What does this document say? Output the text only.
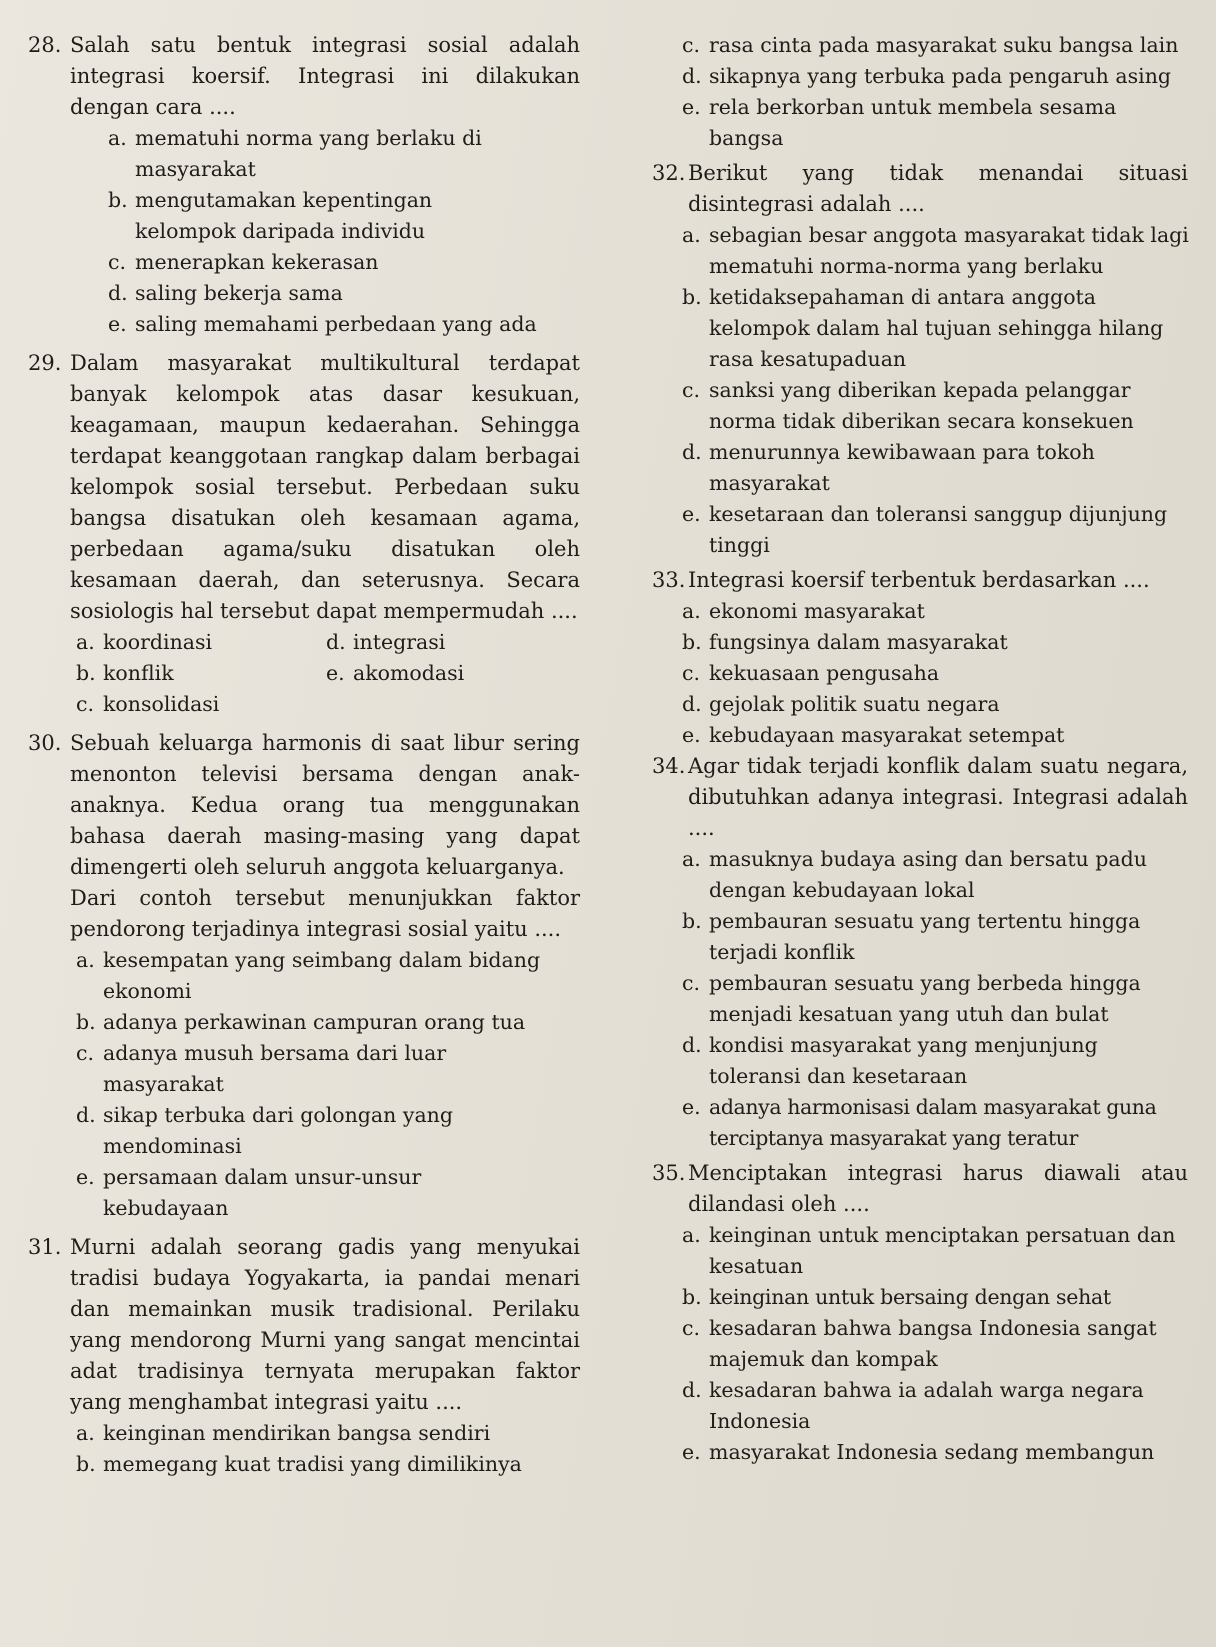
28. Salah satu bentuk integrasi sosial adalah integrasi koersif. Integrasi ini dilakukan dengan cara ....
a. mematuhi norma yang berlaku di masyarakat
b. mengutamakan kepentingan kelompok daripada individu
c. menerapkan kekerasan
d. saling bekerja sama
e. saling memahami perbedaan yang ada
29. Dalam masyarakat multikultural terdapat banyak kelompok atas dasar kesukuan, keagamaan, maupun kedaerahan. Sehingga terdapat keanggotaan rangkap dalam berbagai kelompok sosial tersebut. Perbedaan suku bangsa disatukan oleh kesamaan agama, perbedaan agama/suku disatukan oleh kesamaan daerah, dan seterusnya. Secara sosiologis hal tersebut dapat mempermudah ....
a. koordinasi	d. integrasi
b. konflik	e. akomodasi
c. konsolidasi
30. Sebuah keluarga harmonis di saat libur sering menonton televisi bersama dengan anak-anaknya. Kedua orang tua menggunakan bahasa daerah masing-masing yang dapat dimengerti oleh seluruh anggota keluarganya.
Dari contoh tersebut menunjukkan faktor pendorong terjadinya integrasi sosial yaitu ....
a. kesempatan yang seimbang dalam bidang ekonomi
b. adanya perkawinan campuran orang tua
c. adanya musuh bersama dari luar masyarakat
d. sikap terbuka dari golongan yang mendominasi
e. persamaan dalam unsur-unsur kebudayaan
31. Murni adalah seorang gadis yang menyukai tradisi budaya Yogyakarta, ia pandai menari dan memainkan musik tradisional. Perilaku yang mendorong Murni yang sangat mencintai adat tradisinya ternyata merupakan faktor yang menghambat integrasi yaitu ....
a. keinginan mendirikan bangsa sendiri
b. memegang kuat tradisi yang dimilikinya
c. rasa cinta pada masyarakat suku bangsa lain
d. sikapnya yang terbuka pada pengaruh asing
e. rela berkorban untuk membela sesama bangsa
32. Berikut yang tidak menandai situasi disintegrasi adalah ....
a. sebagian besar anggota masyarakat tidak lagi mematuhi norma-norma yang berlaku
b. ketidaksepahaman di antara anggota kelompok dalam hal tujuan sehingga hilang rasa kesatupaduan
c. sanksi yang diberikan kepada pelanggar norma tidak diberikan secara konsekuen
d. menurunnya kewibawaan para tokoh masyarakat
e. kesetaraan dan toleransi sanggup dijunjung tinggi
33. Integrasi koersif terbentuk berdasarkan ....
a. ekonomi masyarakat
b. fungsinya dalam masyarakat
c. kekuasaan pengusaha
d. gejolak politik suatu negara
e. kebudayaan masyarakat setempat
34. Agar tidak terjadi konflik dalam suatu negara, dibutuhkan adanya integrasi. Integrasi adalah ....
a. masuknya budaya asing dan bersatu padu dengan kebudayaan lokal
b. pembauran sesuatu yang tertentu hingga terjadi konflik
c. pembauran sesuatu yang berbeda hingga menjadi kesatuan yang utuh dan bulat
d. kondisi masyarakat yang menjunjung toleransi dan kesetaraan
e. adanya harmonisasi dalam masyarakat guna terciptanya masyarakat yang teratur
35. Menciptakan integrasi harus diawali atau dilandasi oleh ....
a. keinginan untuk menciptakan persatuan dan kesatuan
b. keinginan untuk bersaing dengan sehat
c. kesadaran bahwa bangsa Indonesia sangat majemuk dan kompak
d. kesadaran bahwa ia adalah warga negara Indonesia
e. masyarakat Indonesia sedang membangun
